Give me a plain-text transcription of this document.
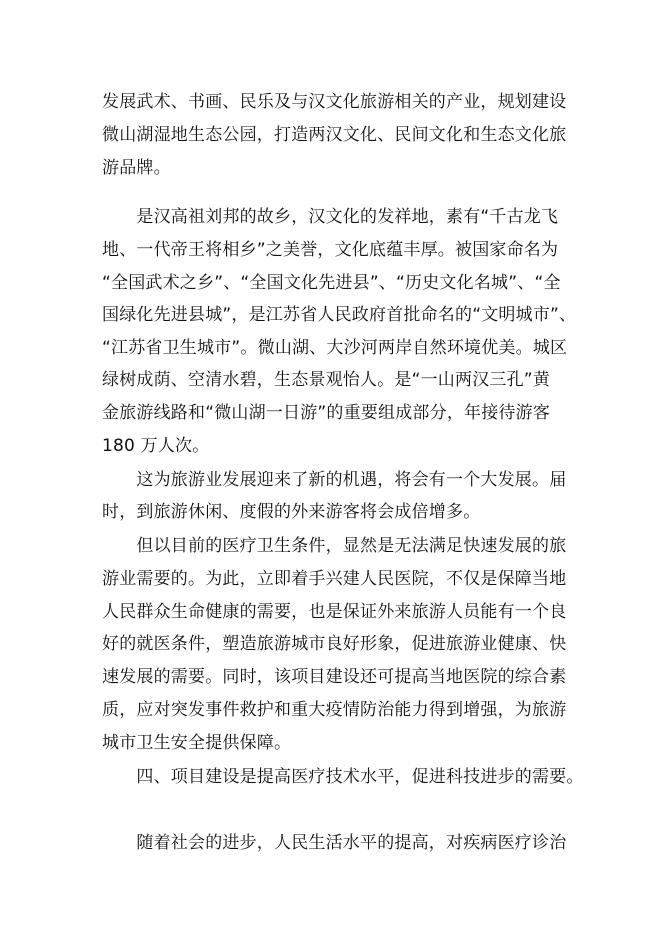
发展武术、书画、民乐及与汉文化旅游相关的产业，规划建设
微山湖湿地生态公园，打造两汉文化、民间文化和生态文化旅
游品牌。
　　是汉高祖刘邦的故乡，汉文化的发祥地，素有“千古龙飞
地、一代帝王将相乡”之美誉，文化底蕴丰厚。被国家命名为
“全国武术之乡”、“全国文化先进县”、“历史文化名城”、“全
国绿化先进县城”，是江苏省人民政府首批命名的“文明城市”、
“江苏省卫生城市”。微山湖、大沙河两岸自然环境优美。城区
绿树成荫、空清水碧，生态景观怡人。是“一山两汉三孔”黄
金旅游线路和“微山湖一日游”的重要组成部分，年接待游客
180 万人次。
　　这为旅游业发展迎来了新的机遇，将会有一个大发展。届
时，到旅游休闲、度假的外来游客将会成倍增多。
　　但以目前的医疗卫生条件，显然是无法满足快速发展的旅
游业需要的。为此，立即着手兴建人民医院，不仅是保障当地
人民群众生命健康的需要，也是保证外来旅游人员能有一个良
好的就医条件，塑造旅游城市良好形象，促进旅游业健康、快
速发展的需要。同时，该项目建设还可提高当地医院的综合素
质，应对突发事件救护和重大疫情防治能力得到增强，为旅游
城市卫生安全提供保障。
　　四、项目建设是提高医疗技术水平，促进科技进步的需要。
　　随着社会的进步，人民生活水平的提高，对疾病医疗诊治
